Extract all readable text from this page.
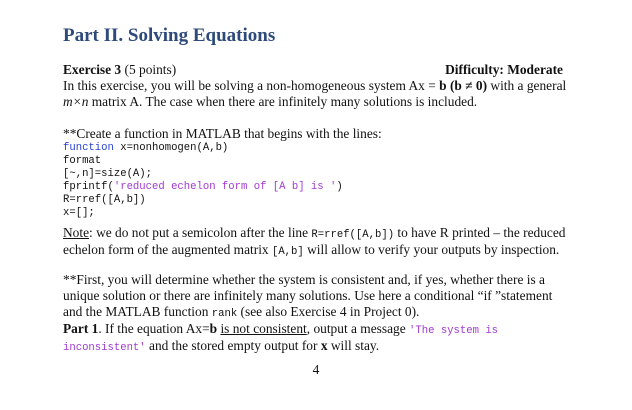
Part II. Solving Equations
Exercise 3 (5 points)	Difficulty: Moderate
In this exercise, you will be solving a non-homogeneous system Ax = b (b ≠ 0) with a general
m×n matrix A. The case when there are infinitely many solutions is included.
**Create a function in MATLAB that begins with the lines:
function x=nonhomogen(A,b)
format
[~,n]=size(A);
fprintf('reduced echelon form of [A b] is ')
R=rref([A,b])
x=[];
Note: we do not put a semicolon after the line R=rref([A,b]) to have R printed – the reduced
echelon form of the augmented matrix [A,b] will allow to verify your outputs by inspection.
**First, you will determine whether the system is consistent and, if yes, whether there is a
unique solution or there are infinitely many solutions. Use here a conditional “if ”statement
and the MATLAB function rank (see also Exercise 4 in Project 0).
Part 1. If the equation Ax=b is not consistent, output a message 'The system is
inconsistent' and the stored empty output for x will stay.
4
